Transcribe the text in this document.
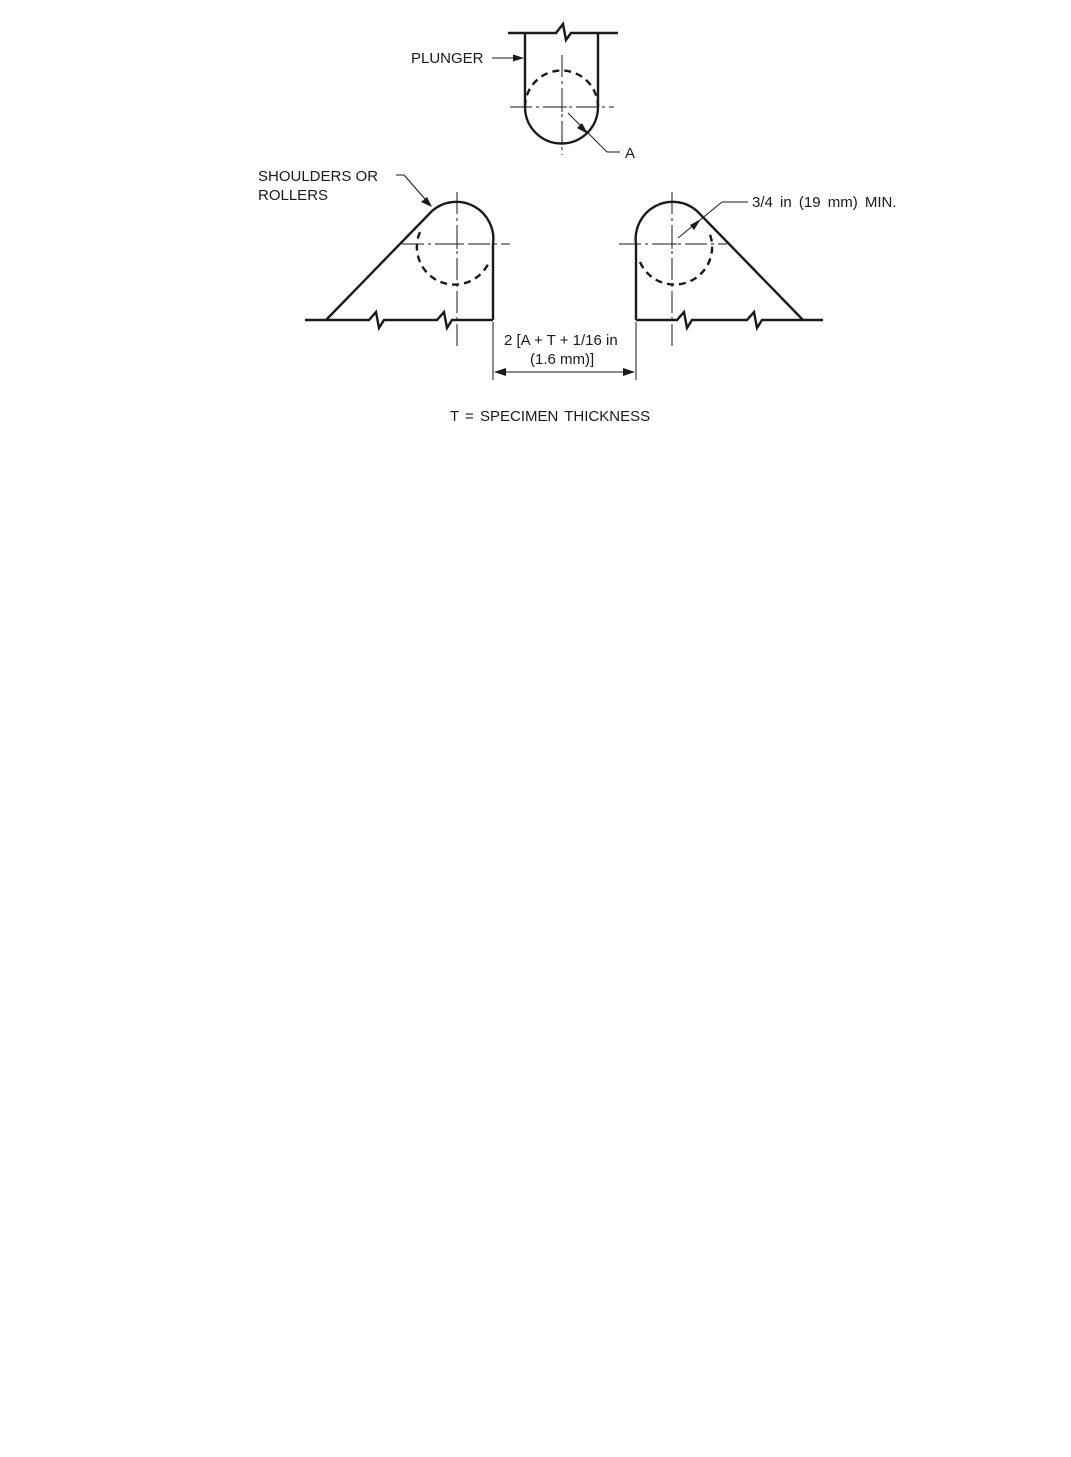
PLUNGER
A
SHOULDERS OR
ROLLERS	3/4 in (19 mm) MIN.
2 [A + T + 1/16 in
(1.6 mm)]
T = SPECIMEN THICKNESS
